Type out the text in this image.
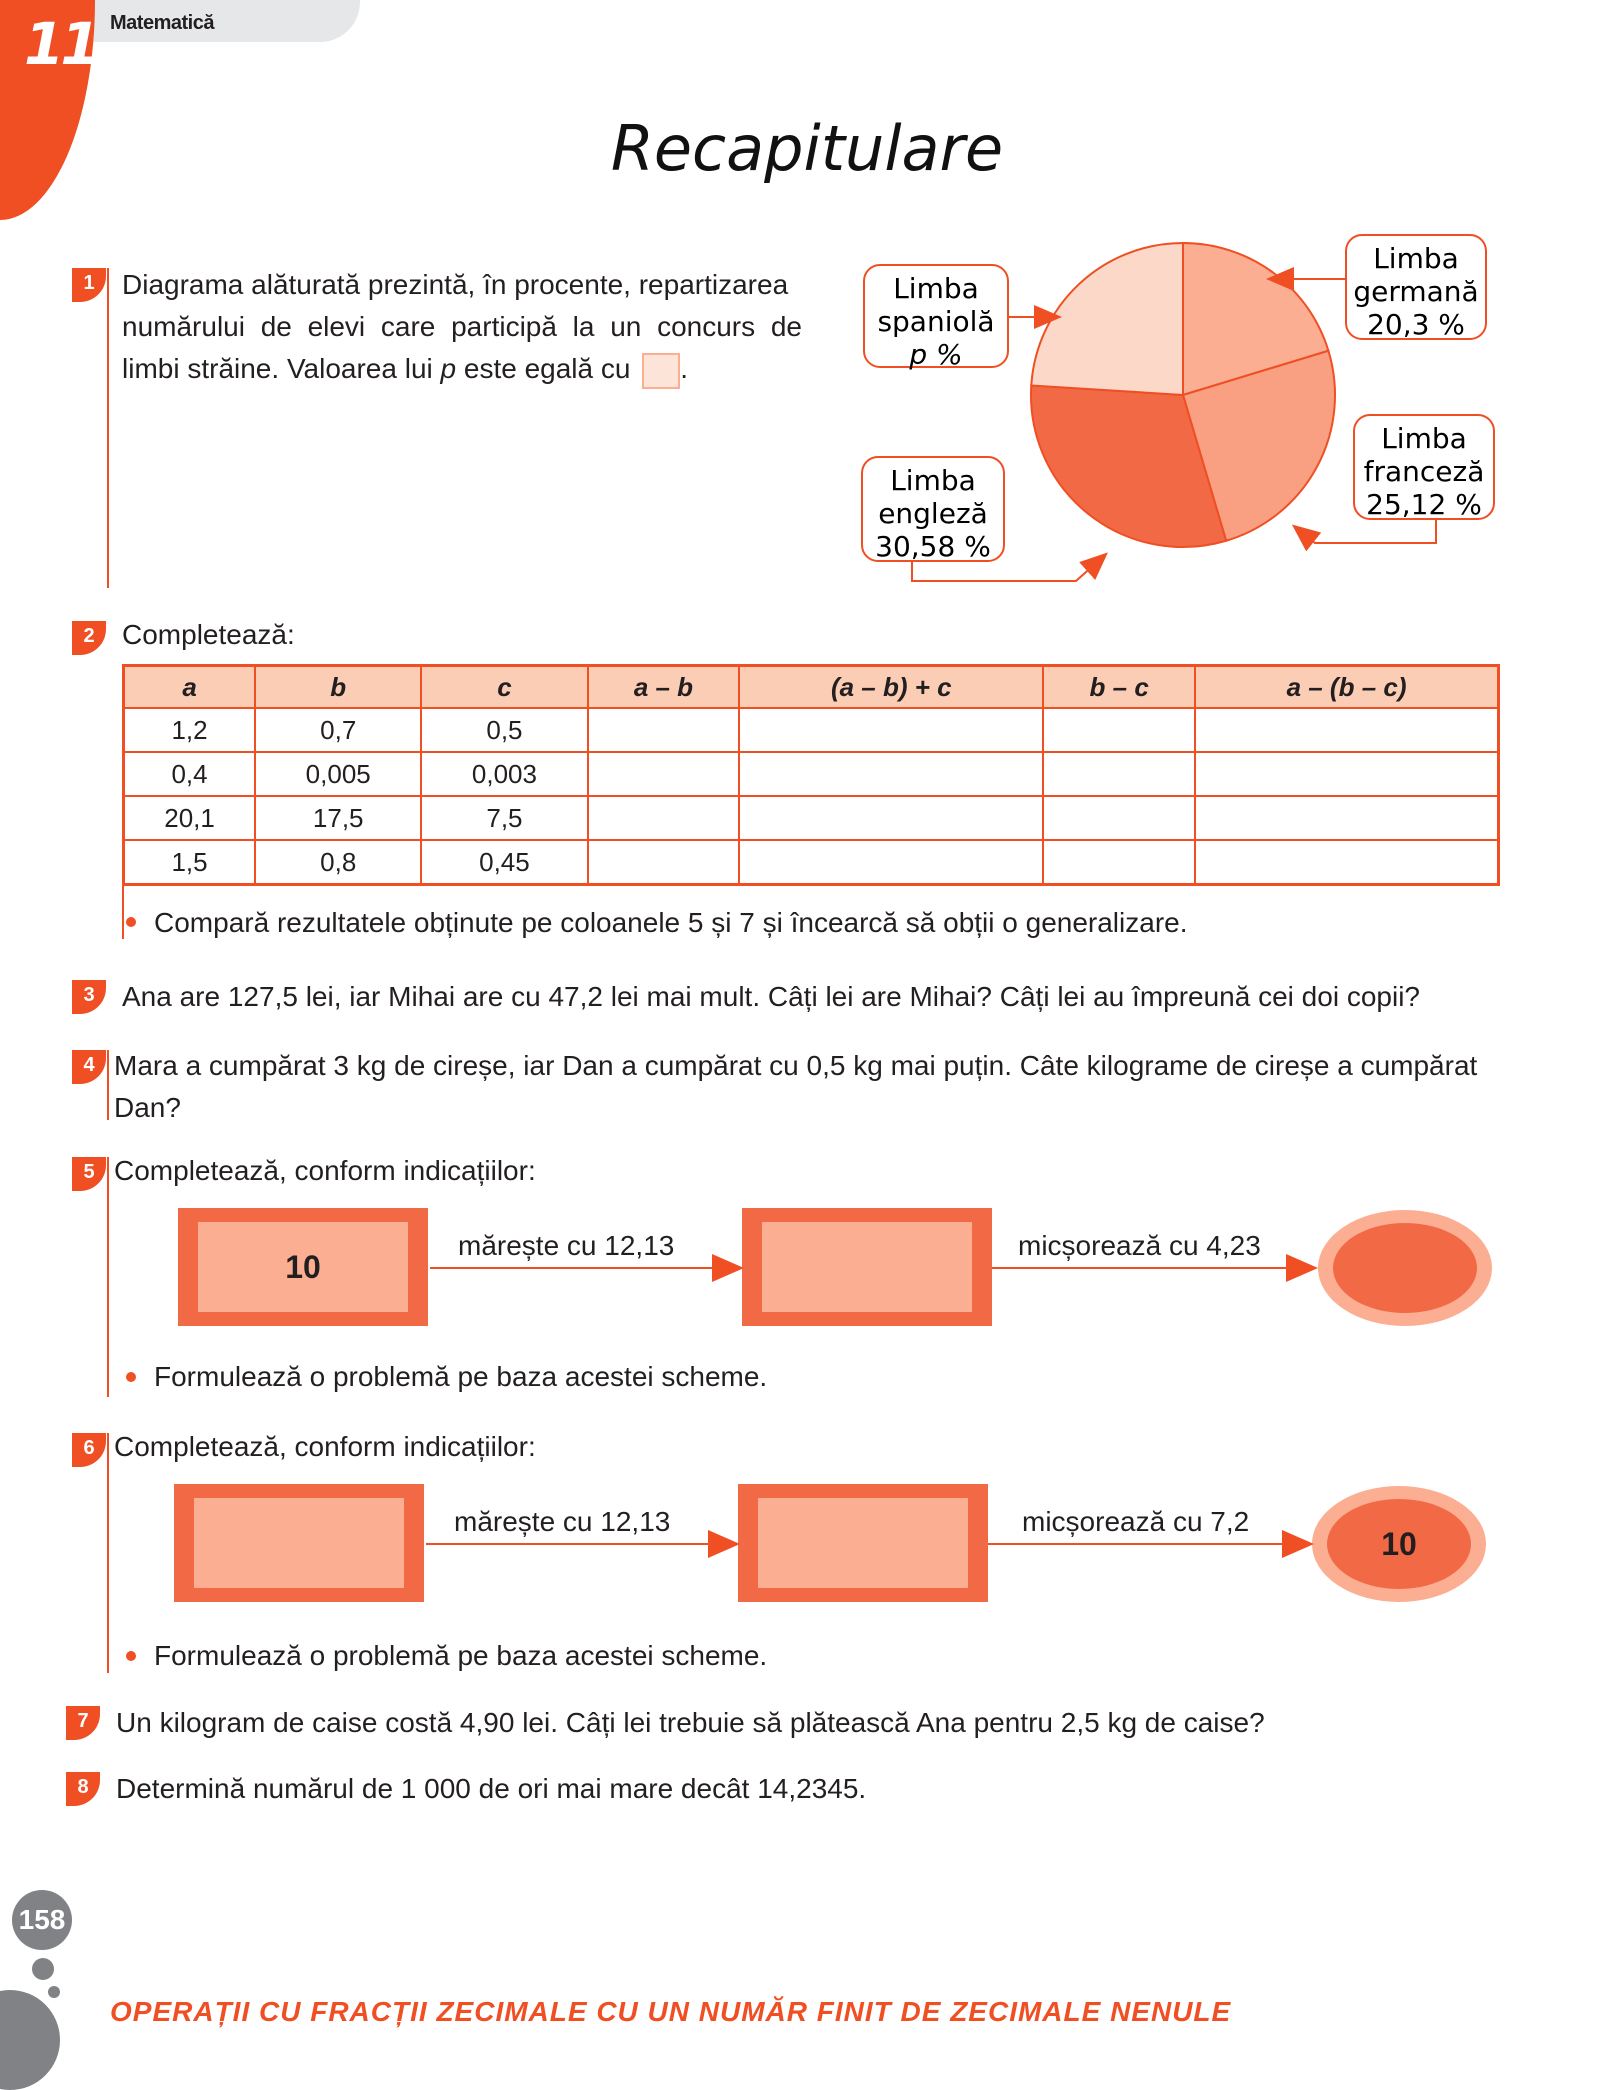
11 Matematică
Recapitulare
1 Diagrama alăturată prezintă, în procente, repartizarea
numărului de elevi care participă la un concurs de
limbi străine. Valoarea lui p este egală cu .
Limba
spaniolă
p %
Limba
germană
20,3 %
Limba
franceză
25,12 %
Limba
engleză
30,58 %
2 Completează:
a	b	c	a – b	(a – b) + c	b – c	a – (b – c)
1,2	0,7	0,5				
0,4	0,005	0,003				
20,1	17,5	7,5				
1,5	0,8	0,45				
Compară rezultatele obținute pe coloanele 5 și 7 și încearcă să obții o generalizare.
3 Ana are 127,5 lei, iar Mihai are cu 47,2 lei mai mult. Câți lei are Mihai? Câți lei au împreună cei doi copii?
4 Mara a cumpărat 3 kg de cireșe, iar Dan a cumpărat cu 0,5 kg mai puțin. Câte kilograme de cireșe a cumpărat
Dan?
5 Completează, conform indicațiilor:
10
mărește cu 12,13	micșorează cu 4,23
Formulează o problemă pe baza acestei scheme.
6 Completează, conform indicațiilor:
mărește cu 12,13	micșorează cu 7,2
10
Formulează o problemă pe baza acestei scheme.
7 Un kilogram de caise costă 4,90 lei. Câți lei trebuie să plătească Ana pentru 2,5 kg de caise?
8 Determină numărul de 1 000 de ori mai mare decât 14,2345.
158
OPERAȚII CU FRACȚII ZECIMALE CU UN NUMĂR FINIT DE ZECIMALE NENULE
